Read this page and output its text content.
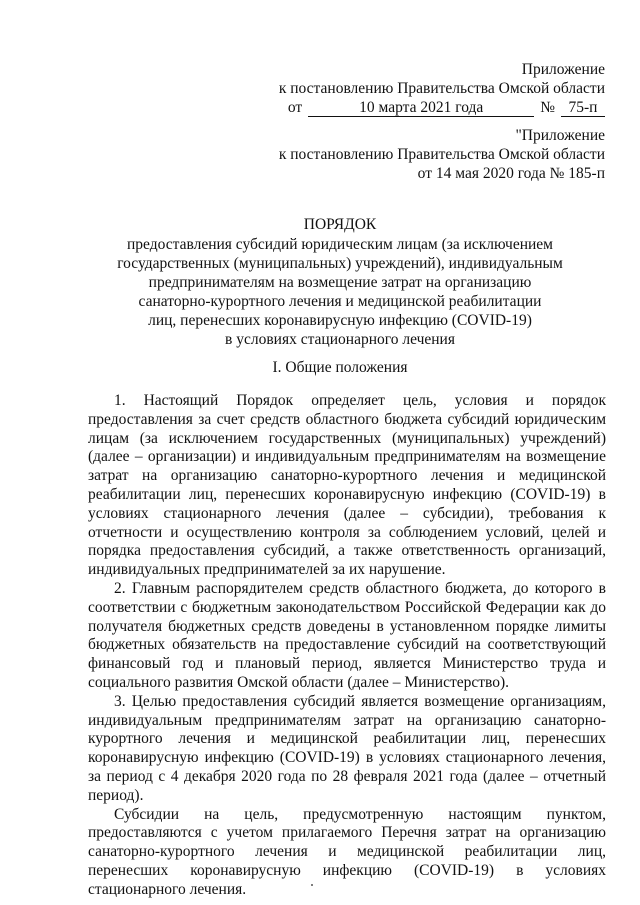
Приложение
к постановлению Правительства Омской области
от	10 марта 2021 года	№ 75-п
"Приложение
к постановлению Правительства Омской области
от 14 мая 2020 года № 185-п
ПОРЯДОК
предоставления субсидий юридическим лицам (за исключением
государственных (муниципальных) учреждений), индивидуальным
предпринимателям на возмещение затрат на организацию
санаторно-курортного лечения и медицинской реабилитации
лиц, перенесших коронавирусную инфекцию (COVID-19)
в условиях стационарного лечения
I. Общие положения

1. Настоящий Порядок определяет цель, условия и порядок предоставления за счет средств областного бюджета субсидий юридическим лицам (за исключением государственных (муниципальных) учреждений) (далее – организации) и индивидуальным предпринимателям на возмещение затрат на организацию санаторно-курортного лечения и медицинской реабилитации лиц, перенесших коронавирусную инфекцию (COVID-19) в условиях стационарного лечения (далее – субсидии), требования к отчетности и осуществлению контроля за соблюдением условий, целей и порядка предоставления субсидий, а также ответственность организаций, индивидуальных предпринимателей за их нарушение.

2. Главным распорядителем средств областного бюджета, до которого в соответствии с бюджетным законодательством Российской Федерации как до получателя бюджетных средств доведены в установленном порядке лимиты бюджетных обязательств на предоставление субсидий на соответствующий финансовый год и плановый период, является Министерство труда и социального развития Омской области (далее – Министерство).

3. Целью предоставления субсидий является возмещение организациям, индивидуальным предпринимателям затрат на организацию санаторно-курортного лечения и медицинской реабилитации лиц, перенесших коронавирусную инфекцию (COVID-19) в условиях стационарного лечения, за период с 4 декабря 2020 года по 28 февраля 2021 года (далее – отчетный период).

Субсидии на цель, предусмотренную настоящим пунктом, предоставляются с учетом прилагаемого Перечня затрат на организацию санаторно-курортного лечения и медицинской реабилитации лиц, перенесших коронавирусную инфекцию (COVID-19) в условиях стационарного лечения.
